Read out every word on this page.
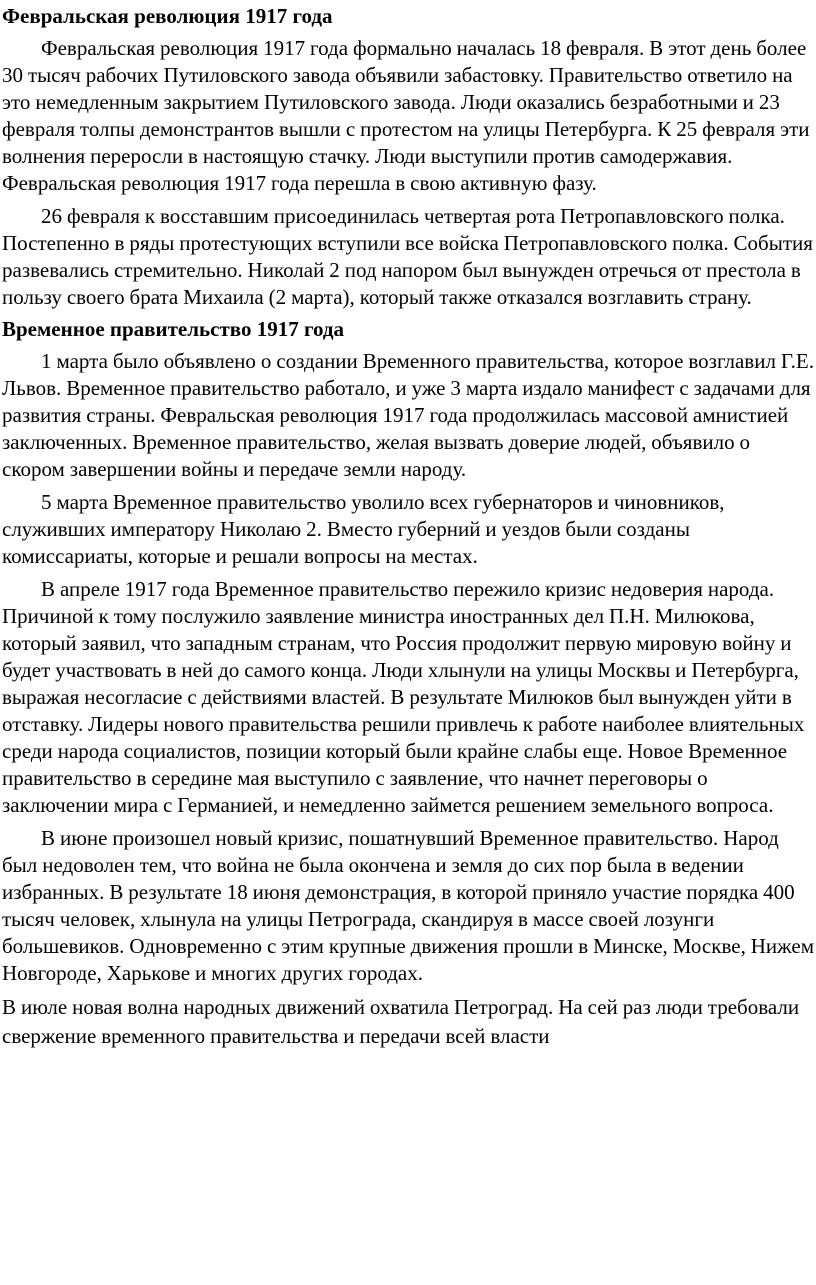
Февральская революция 1917 года

Февральская революция 1917 года формально началась 18 февраля. В этот день более 30 тысяч рабочих Путиловского завода объявили забастовку. Правительство ответило на это немедленным закрытием Путиловского завода. Люди оказались безработными и 23 февраля толпы демонстрантов вышли с протестом на улицы Петербурга. К 25 февраля эти волнения переросли в настоящую стачку. Люди выступили против самодержавия. Февральская революция 1917 года перешла в свою активную фазу.

26 февраля к восставшим присоединилась четвертая рота Петропавловского полка. Постепенно в ряды протестующих вступили все войска Петропавловского полка. События развевались стремительно. Николай 2 под напором был вынужден отречься от престола в пользу своего брата Михаила (2 марта), который также отказался возглавить страну.

Временное правительство 1917 года

1 марта было объявлено о создании Временного правительства, которое возглавил Г.Е. Львов. Временное правительство работало, и уже 3 марта издало манифест с задачами для развития страны. Февральская революция 1917 года продолжилась массовой амнистией заключенных. Временное правительство, желая вызвать доверие людей, объявило о скором завершении войны и передаче земли народу.

5 марта Временное правительство уволило всех губернаторов и чиновников, служивших императору Николаю 2. Вместо губерний и уездов были созданы комиссариаты, которые и решали вопросы на местах.

В апреле 1917 года Временное правительство пережило кризис недоверия народа. Причиной к тому послужило заявление министра иностранных дел П.Н. Милюкова, который заявил, что западным странам, что Россия продолжит первую мировую войну и будет участвовать в ней до самого конца. Люди хлынули на улицы Москвы и Петербурга, выражая несогласие с действиями властей. В результате Милюков был вынужден уйти в отставку. Лидеры нового правительства решили привлечь к работе наиболее влиятельных среди народа социалистов, позиции который были крайне слабы еще. Новое Временное правительство в середине мая выступило с заявление, что начнет переговоры о заключении мира с Германией, и немедленно займется решением земельного вопроса.

В июне произошел новый кризис, пошатнувший Временное правительство. Народ был недоволен тем, что война не была окончена и земля до сих пор была в ведении избранных. В результате 18 июня демонстрация, в которой приняло участие порядка 400 тысяч человек, хлынула на улицы Петрограда, скандируя в массе своей лозунги большевиков. Одновременно с этим крупные движения прошли в Минске, Москве, Нижем Новгороде, Харькове и многих других городах.

В июле новая волна народных движений охватила Петроград. На сей раз люди требовали свержение временного правительства и передачи всей власти
